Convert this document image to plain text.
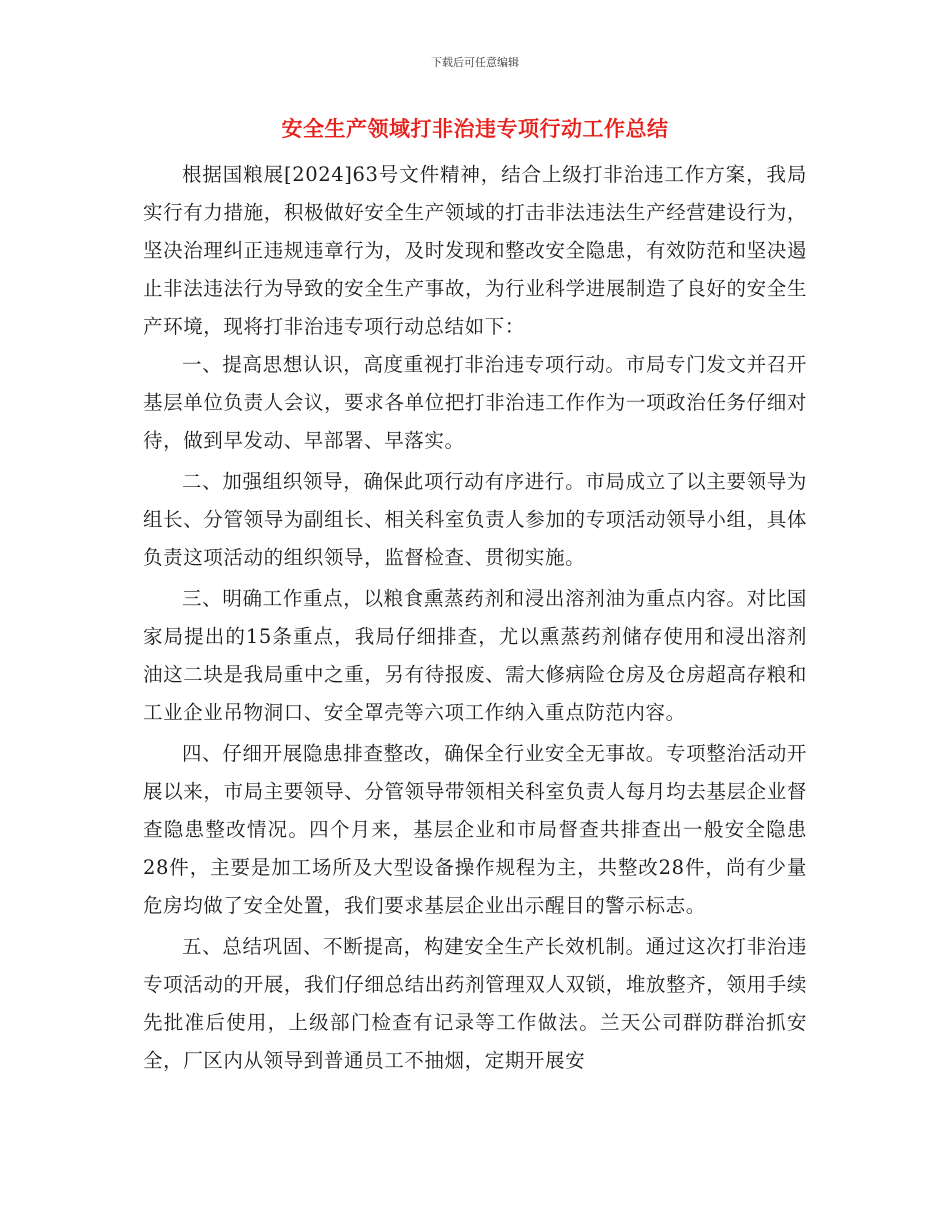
下载后可任意编辑
安全生产领域打非治违专项行动工作总结

根据国粮展[2024]63号文件精神，结合上级打非治违工作方案，我局实行有力措施，积极做好安全生产领域的打击非法违法生产经营建设行为，坚决治理纠正违规违章行为，及时发现和整改安全隐患，有效防范和坚决遏止非法违法行为导致的安全生产事故，为行业科学进展制造了良好的安全生产环境，现将打非治违专项行动总结如下：

一、提高思想认识，高度重视打非治违专项行动。市局专门发文并召开基层单位负责人会议，要求各单位把打非治违工作作为一项政治任务仔细对待，做到早发动、早部署、早落实。

二、加强组织领导，确保此项行动有序进行。市局成立了以主要领导为组长、分管领导为副组长、相关科室负责人参加的专项活动领导小组，具体负责这项活动的组织领导，监督检查、贯彻实施。

三、明确工作重点，以粮食熏蒸药剂和浸出溶剂油为重点内容。对比国家局提出的15条重点，我局仔细排查，尤以熏蒸药剂储存使用和浸出溶剂油这二块是我局重中之重，另有待报废、需大修病险仓房及仓房超高存粮和工业企业吊物洞口、安全罩壳等六项工作纳入重点防范内容。

四、仔细开展隐患排查整改，确保全行业安全无事故。专项整治活动开展以来，市局主要领导、分管领导带领相关科室负责人每月均去基层企业督查隐患整改情况。四个月来，基层企业和市局督查共排查出一般安全隐患28件，主要是加工场所及大型设备操作规程为主，共整改28件，尚有少量危房均做了安全处置，我们要求基层企业出示醒目的警示标志。

五、总结巩固、不断提高，构建安全生产长效机制。通过这次打非治违专项活动的开展，我们仔细总结出药剂管理双人双锁，堆放整齐，领用手续先批准后使用，上级部门检查有记录等工作做法。兰天公司群防群治抓安全，厂区内从领导到普通员工不抽烟，定期开展安
